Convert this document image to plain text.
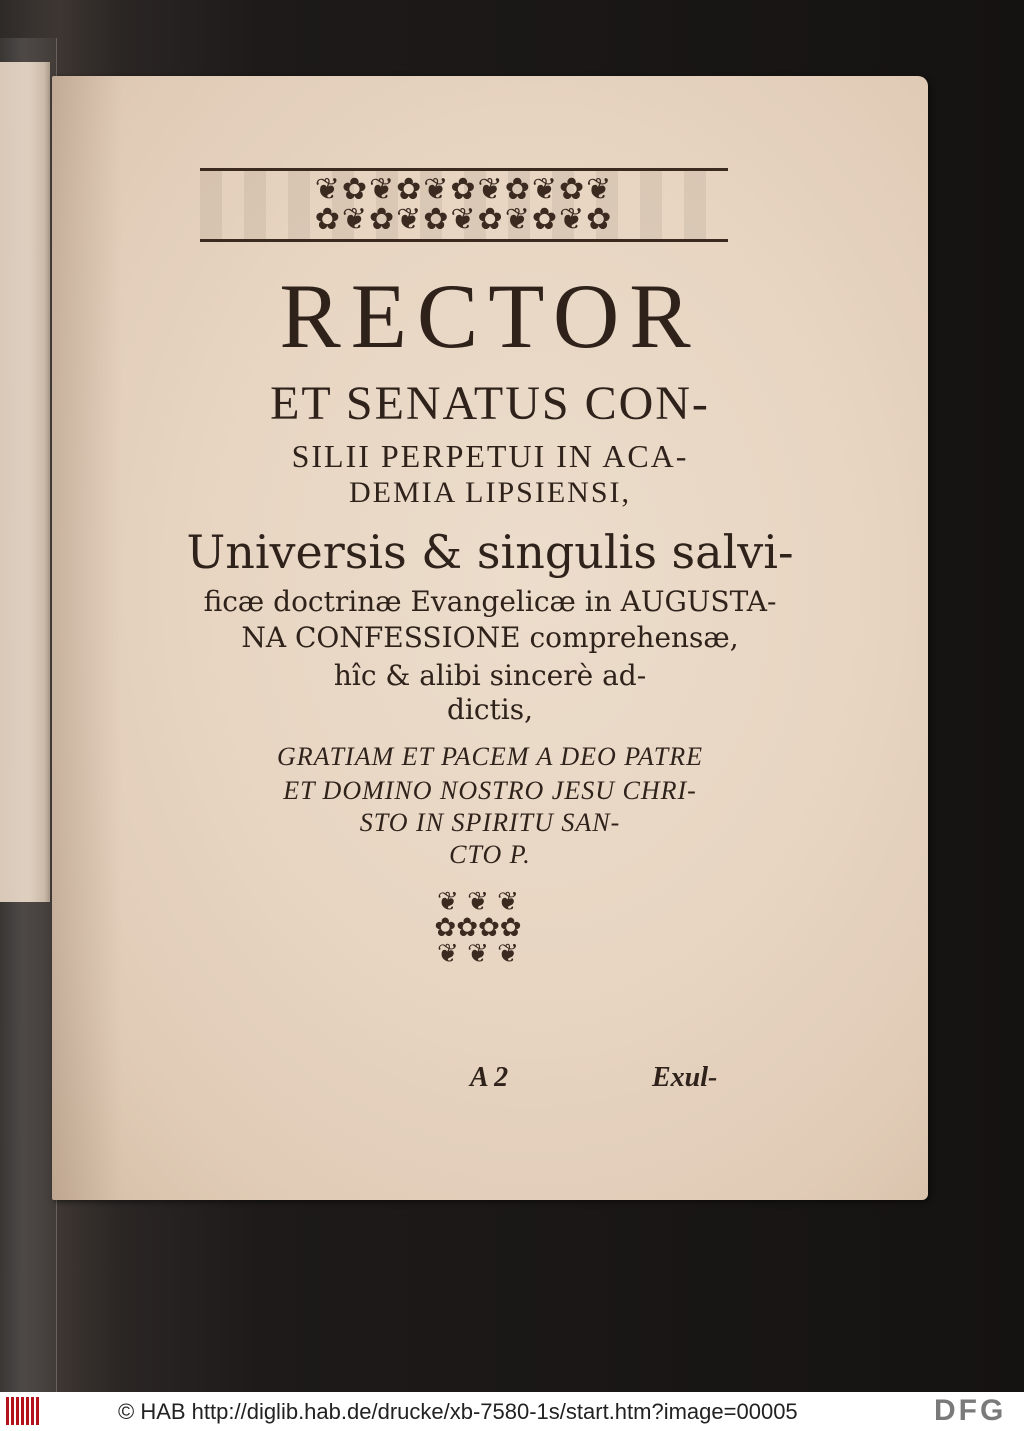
❦✿❦✿❦✿❦✿❦✿❦
✿❦✿❦✿❦✿❦✿❦✿
RECTOR
ET SENATUS CON-
SILII PERPETUI IN ACA-
DEMIA LIPSIENSI,
Universis & singulis salvi-
ficæ doctrinæ Evangelicæ in AUGUSTA-
NA CONFESSIONE comprehensæ,
hîc & alibi sincerè ad-
dictis,
GRATIAM ET PACEM A DEO PATRE
ET DOMINO NOSTRO JESU CHRI-
STO IN SPIRITU SAN-
CTO P.
❦ ❦ ❦
✿✿✿✿
❦ ❦ ❦
A 2	Exul-
© HAB http://diglib.hab.de/drucke/xb-7580-1s/start.htm?image=00005	DFG
